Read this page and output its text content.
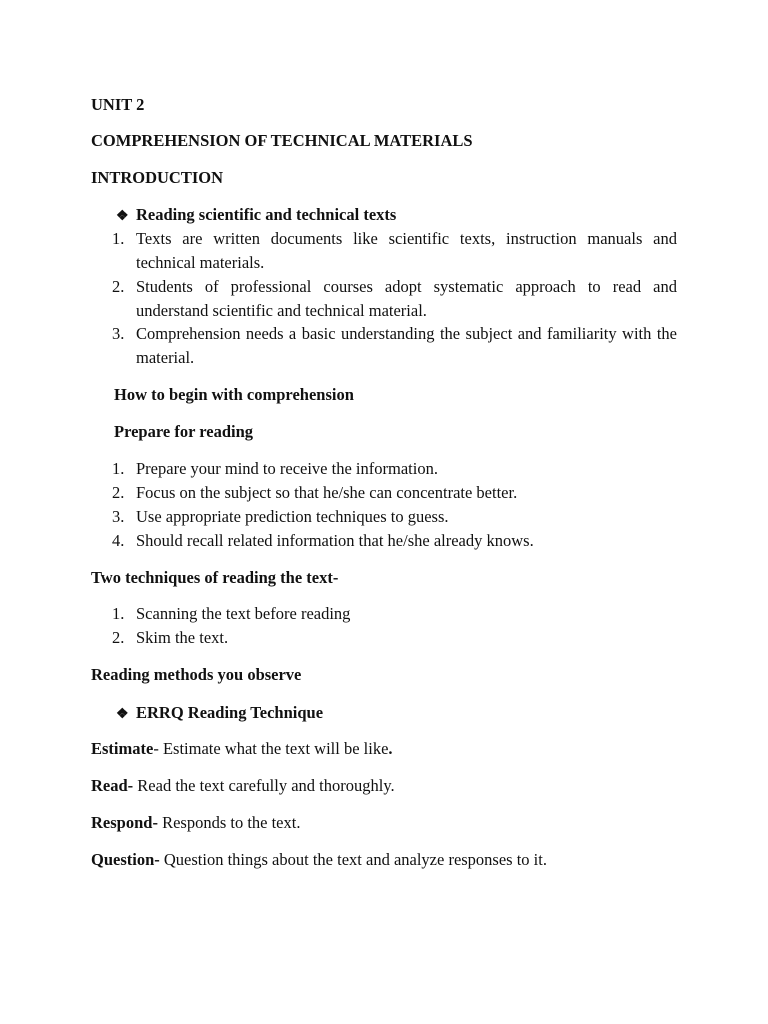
UNIT 2
COMPREHENSION OF TECHNICAL MATERIALS
INTRODUCTION
❖ Reading scientific and technical texts
1. Texts are written documents like scientific texts, instruction manuals and technical materials.
2. Students of professional courses adopt systematic approach to read and understand scientific and technical material.
3. Comprehension needs a basic understanding the subject and familiarity with the material.
How to begin with comprehension
Prepare for reading
1. Prepare your mind to receive the information.
2. Focus on the subject so that he/she can concentrate better.
3. Use appropriate prediction techniques to guess.
4. Should recall related information that he/she already knows.
Two techniques of reading the text-
1. Scanning the text before reading
2. Skim the text.
Reading methods you observe
❖ ERRQ Reading Technique
Estimate- Estimate what the text will be like.
Read- Read the text carefully and thoroughly.
Respond- Responds to the text.
Question- Question things about the text and analyze responses to it.
